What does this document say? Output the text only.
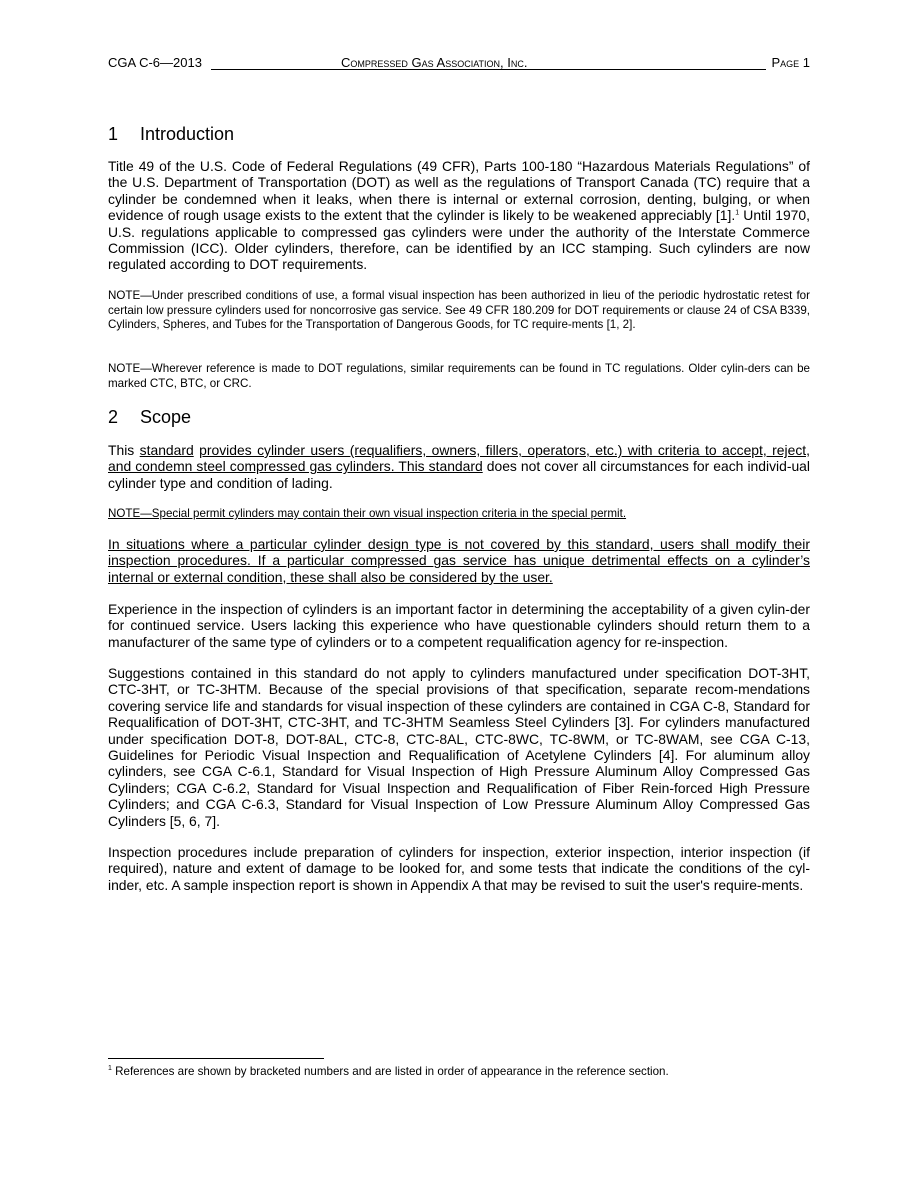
CGA C-6—2013	Compressed Gas Association, Inc.	Page 1
1 Introduction

Title 49 of the U.S. Code of Federal Regulations (49 CFR), Parts 100-180 “Hazardous Materials Regulations” of the U.S. Department of Transportation (DOT) as well as the regulations of Transport Canada (TC) require that a cylinder be condemned when it leaks, when there is internal or external corrosion, denting, bulging, or when evidence of rough usage exists to the extent that the cylinder is likely to be weakened appreciably [1].$^1$ Until 1970, U.S. regulations applicable to compressed gas cylinders were under the authority of the Interstate Commerce Commission (ICC). Older cylinders, therefore, can be identified by an ICC stamping. Such cylinders are now regulated according to DOT requirements.

NOTE—Under prescribed conditions of use, a formal visual inspection has been authorized in lieu of the periodic hydrostatic retest for certain low pressure cylinders used for noncorrosive gas service. See 49 CFR 180.209 for DOT requirements or clause 24 of CSA B339, Cylinders, Spheres, and Tubes for the Transportation of Dangerous Goods, for TC require-ments [1, 2].

NOTE—Wherever reference is made to DOT regulations, similar requirements can be found in TC regulations. Older cylin-ders can be marked CTC, BTC, or CRC.

2 Scope

This standard provides cylinder users (requalifiers, owners, fillers, operators, etc.) with criteria to accept, reject, and condemn steel compressed gas cylinders. This standard does not cover all circumstances for each individ-ual cylinder type and condition of lading.

NOTE—Special permit cylinders may contain their own visual inspection criteria in the special permit.

In situations where a particular cylinder design type is not covered by this standard, users shall modify their inspection procedures. If a particular compressed gas service has unique detrimental effects on a cylinder’s internal or external condition, these shall also be considered by the user.

Experience in the inspection of cylinders is an important factor in determining the acceptability of a given cylin-der for continued service. Users lacking this experience who have questionable cylinders should return them to a manufacturer of the same type of cylinders or to a competent requalification agency for re-inspection.

Suggestions contained in this standard do not apply to cylinders manufactured under specification DOT-3HT, CTC-3HT, or TC-3HTM. Because of the special provisions of that specification, separate recom-mendations covering service life and standards for visual inspection of these cylinders are contained in CGA C-8, Standard for Requalification of DOT-3HT, CTC-3HT, and TC-3HTM Seamless Steel Cylinders [3]. For cylinders manufactured under specification DOT-8, DOT-8AL, CTC-8, CTC-8AL, CTC-8WC, TC-8WM, or TC-8WAM, see CGA C-13, Guidelines for Periodic Visual Inspection and Requalification of Acetylene Cylinders [4]. For aluminum alloy cylinders, see CGA C-6.1, Standard for Visual Inspection of High Pressure Aluminum Alloy Compressed Gas Cylinders; CGA C-6.2, Standard for Visual Inspection and Requalification of Fiber Rein-forced High Pressure Cylinders; and CGA C-6.3, Standard for Visual Inspection of Low Pressure Aluminum Alloy Compressed Gas Cylinders [5, 6, 7].

Inspection procedures include preparation of cylinders for inspection, exterior inspection, interior inspection (if required), nature and extent of damage to be looked for, and some tests that indicate the conditions of the cyl-inder, etc. A sample inspection report is shown in Appendix A that may be revised to suit the user's require-ments.

$^1$ References are shown by bracketed numbers and are listed in order of appearance in the reference section.
